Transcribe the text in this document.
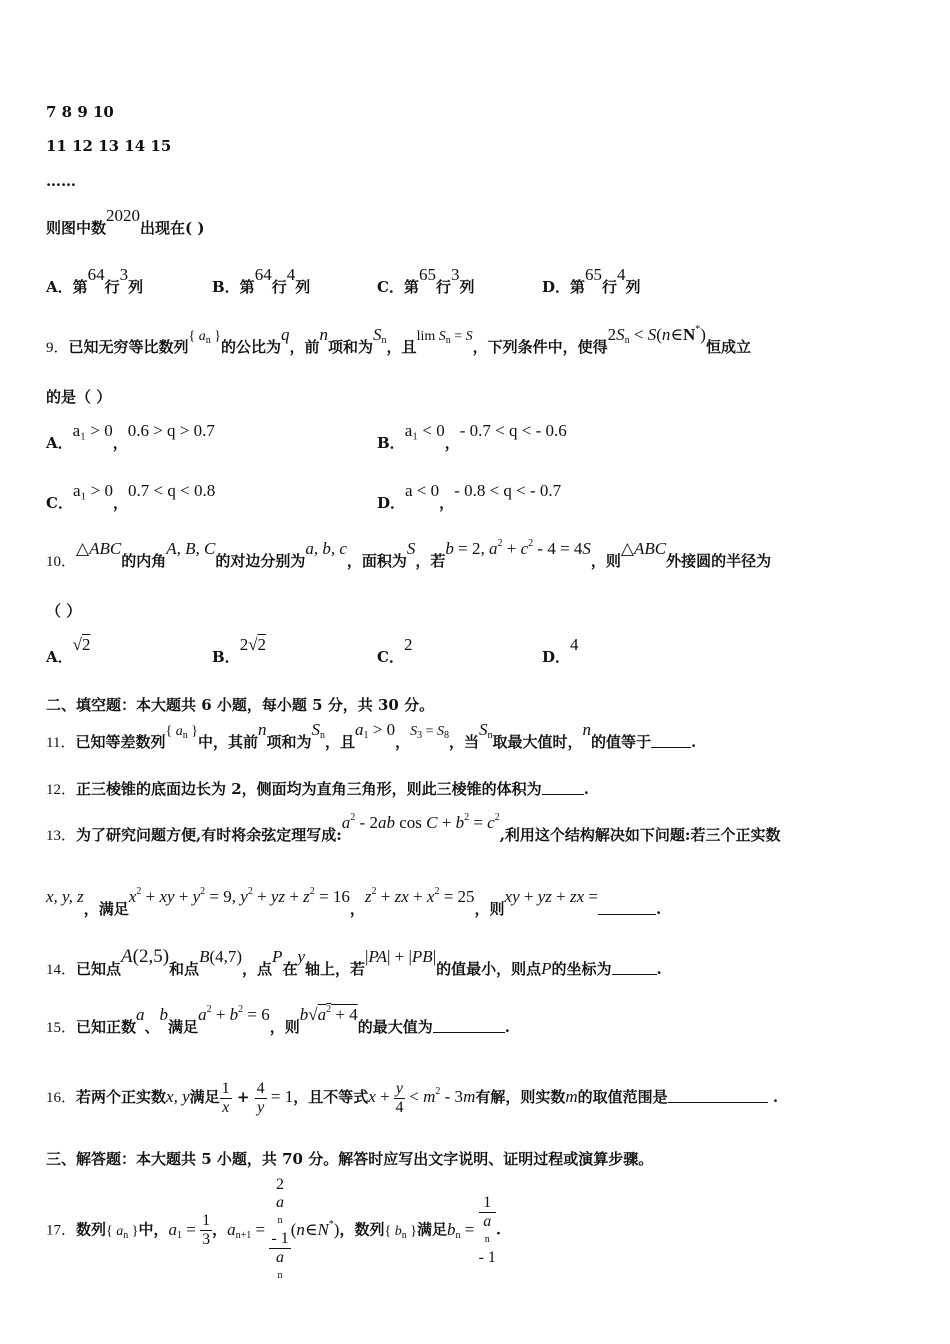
7 8 9 10
11 12 13 14 15
……
则图中数2020出现在( )
A．第64行3列	B．第64行4列	C．第65行3列	D．第65行4列
9．已知无穷等比数列{ $a_n$ }的公比为q，前n项和为$S_n$，且$\lim S_n = S$，下列条件中，使得$2S_n$ < S(n∈N*)恒成立
的是（ ）
A．a₁ > 0，0.6 > q > 0.7
B．a₁ < 0，- 0.7 < q < - 0.6
C．a₁ > 0，0.7 < q < 0.8
D．a < 0，- 0.8 < q < - 0.7
10．△ABC的内角A, B, C的对边分别为a, b, c，面积为S，若b = 2, $a^2 + c^2 - 4 = 4S$，则△ABC外接圆的半径为
（ ）
A．√2
B．2√2
C．2
D．4
二、填空题：本大题共 6 小题，每小题 5 分，共 30 分。
11．已知等差数列{ $a_n$ }中，其前n项和为$S_n$，且$a_1 > 0$，$S_3 = S_8$，当$S_n$取最大值时，n的值等于	.
12．正三棱锥的底面边长为 2，侧面均为直角三角形，则此三棱锥的体积为	.
13．为了研究问题方便,有时将余弦定理写成$:a^2 - 2ab$ $\cos C + b^2 = c^2$,利用这个结构解决如下问题:若三个正实数
x, y, z，满足$x^2$ + xy + $y^2 = 9$, $y^2$ + yz + $z^2 = 16$，$z^2$ + zx + $x^2 = 25$，则xy + yz + zx =.
14．已知点A(2,5)和点B(4,7)，点P在y轴上，若|PA| + |PB|的值最小，则点P的坐标为	.
15．已知正数a、b满足$a^2 + b^2 = 6$，则$b√a^2 + 4$的最大值为	.
16．若两个正实数x, y满足 $\frac{1}{x} + \frac{4}{y} = 1$，且不等式$x + \frac{y}{4} < m^2 - 3m$有解，则实数m的取值范围是	.
三、解答题：本大题共 5 小题，共 70 分。解答时应写出文字说明、证明过程或演算步骤。
17．数列{ $a_n$ }中，$a_1 = \frac{1}{3}$ ，$a_{n+1} = 2$
a
n
- 1
a
n (n∈N*)，数列{ $b_n$ }满足$b_n = 1$
a
n
- 1 .
